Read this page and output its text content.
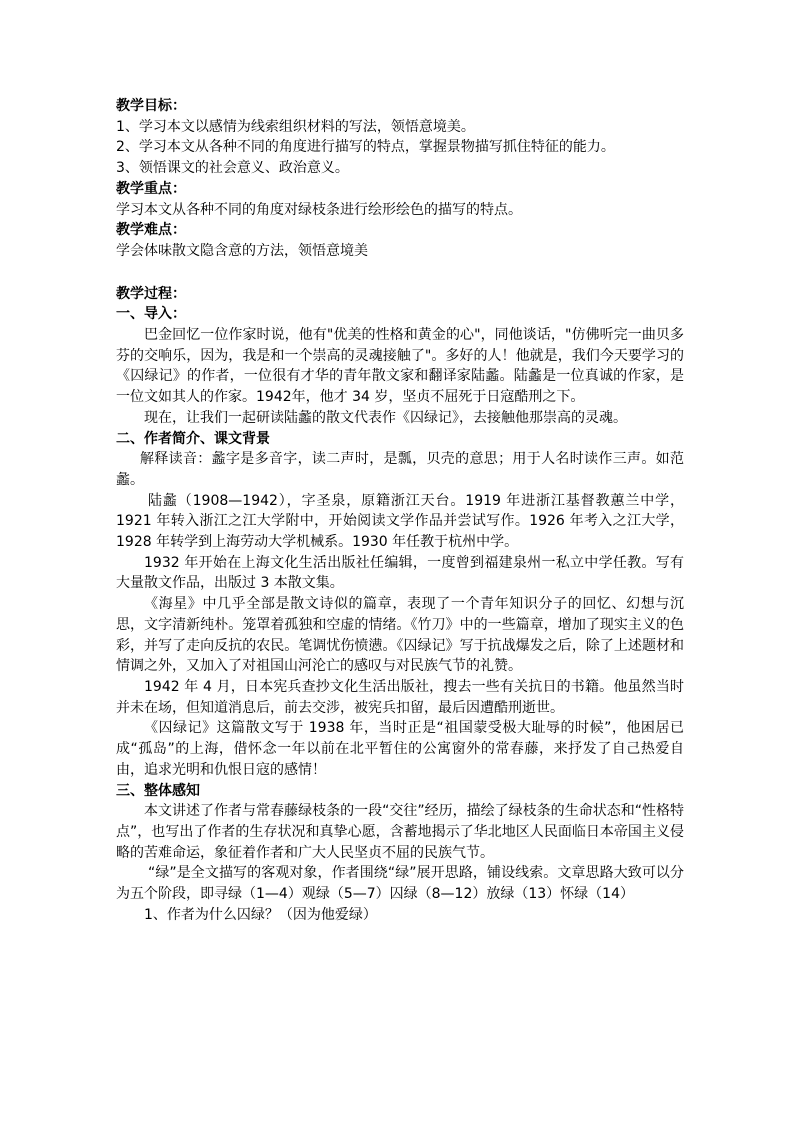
教学目标：
1、学习本文以感情为线索组织材料的写法，领悟意境美。
2、学习本文从各种不同的角度进行描写的特点，掌握景物描写抓住特征的能力。
3、领悟课文的社会意义、政治意义。
教学重点：
学习本文从各种不同的角度对绿枝条进行绘形绘色的描写的特点。
教学难点：
学会体味散文隐含意的方法，领悟意境美
教学过程：
一、导入：
巴金回忆一位作家时说，他有"优美的性格和黄金的心"，同他谈话，"仿佛听完一曲贝多芬的交响乐，因为，我是和一个崇高的灵魂接触了"。多好的人！他就是，我们今天要学习的《囚绿记》的作者，一位很有才华的青年散文家和翻译家陆蠡。陆蠡是一位真诚的作家，是一位文如其人的作家。1942年，他才 34 岁，坚贞不屈死于日寇酷刑之下。
现在，让我们一起研读陆蠡的散文代表作《囚绿记》，去接触他那崇高的灵魂。
二、作者简介、课文背景
解释读音：蠡字是多音字，读二声时，是瓢，贝壳的意思；用于人名时读作三声。如范蠡。
陆蠡（1908—1942），字圣泉，原籍浙江天台。1919 年进浙江基督教蕙兰中学，1921 年转入浙江之江大学附中，开始阅读文学作品并尝试写作。1926 年考入之江大学，1928 年转学到上海劳动大学机械系。1930 年任教于杭州中学。
1932 年开始在上海文化生活出版社任编辑，一度曾到福建泉州一私立中学任教。写有大量散文作品，出版过 3 本散文集。
《海星》中几乎全部是散文诗似的篇章，表现了一个青年知识分子的回忆、幻想与沉思，文字清新纯朴。笼罩着孤独和空虚的情绪。《竹刀》中的一些篇章，增加了现实主义的色彩，并写了走向反抗的农民。笔调忧伤愤懑。《囚绿记》写于抗战爆发之后，除了上述题材和情调之外，又加入了对祖国山河沦亡的感叹与对民族气节的礼赞。
1942 年 4 月，日本宪兵查抄文化生活出版社，搜去一些有关抗日的书籍。他虽然当时并未在场，但知道消息后，前去交涉，被宪兵扣留，最后因遭酷刑逝世。
《囚绿记》这篇散文写于 1938 年，当时正是“祖国蒙受极大耻辱的时候”，他困居已成“孤岛”的上海，借怀念一年以前在北平暂住的公寓窗外的常春藤，来抒发了自己热爱自由，追求光明和仇恨日寇的感情！
三、整体感知
本文讲述了作者与常春藤绿枝条的一段“交往”经历，描绘了绿枝条的生命状态和“性格特点”，也写出了作者的生存状况和真挚心愿，含蓄地揭示了华北地区人民面临日本帝国主义侵略的苦难命运，象征着作者和广大人民坚贞不屈的民族气节。
“绿”是全文描写的客观对象，作者围绕“绿”展开思路，铺设线索。文章思路大致可以分为五个阶段，即寻绿（1—4）观绿（5—7）囚绿（8—12）放绿（13）怀绿（14）
1、作者为什么囚绿？（因为他爱绿）
